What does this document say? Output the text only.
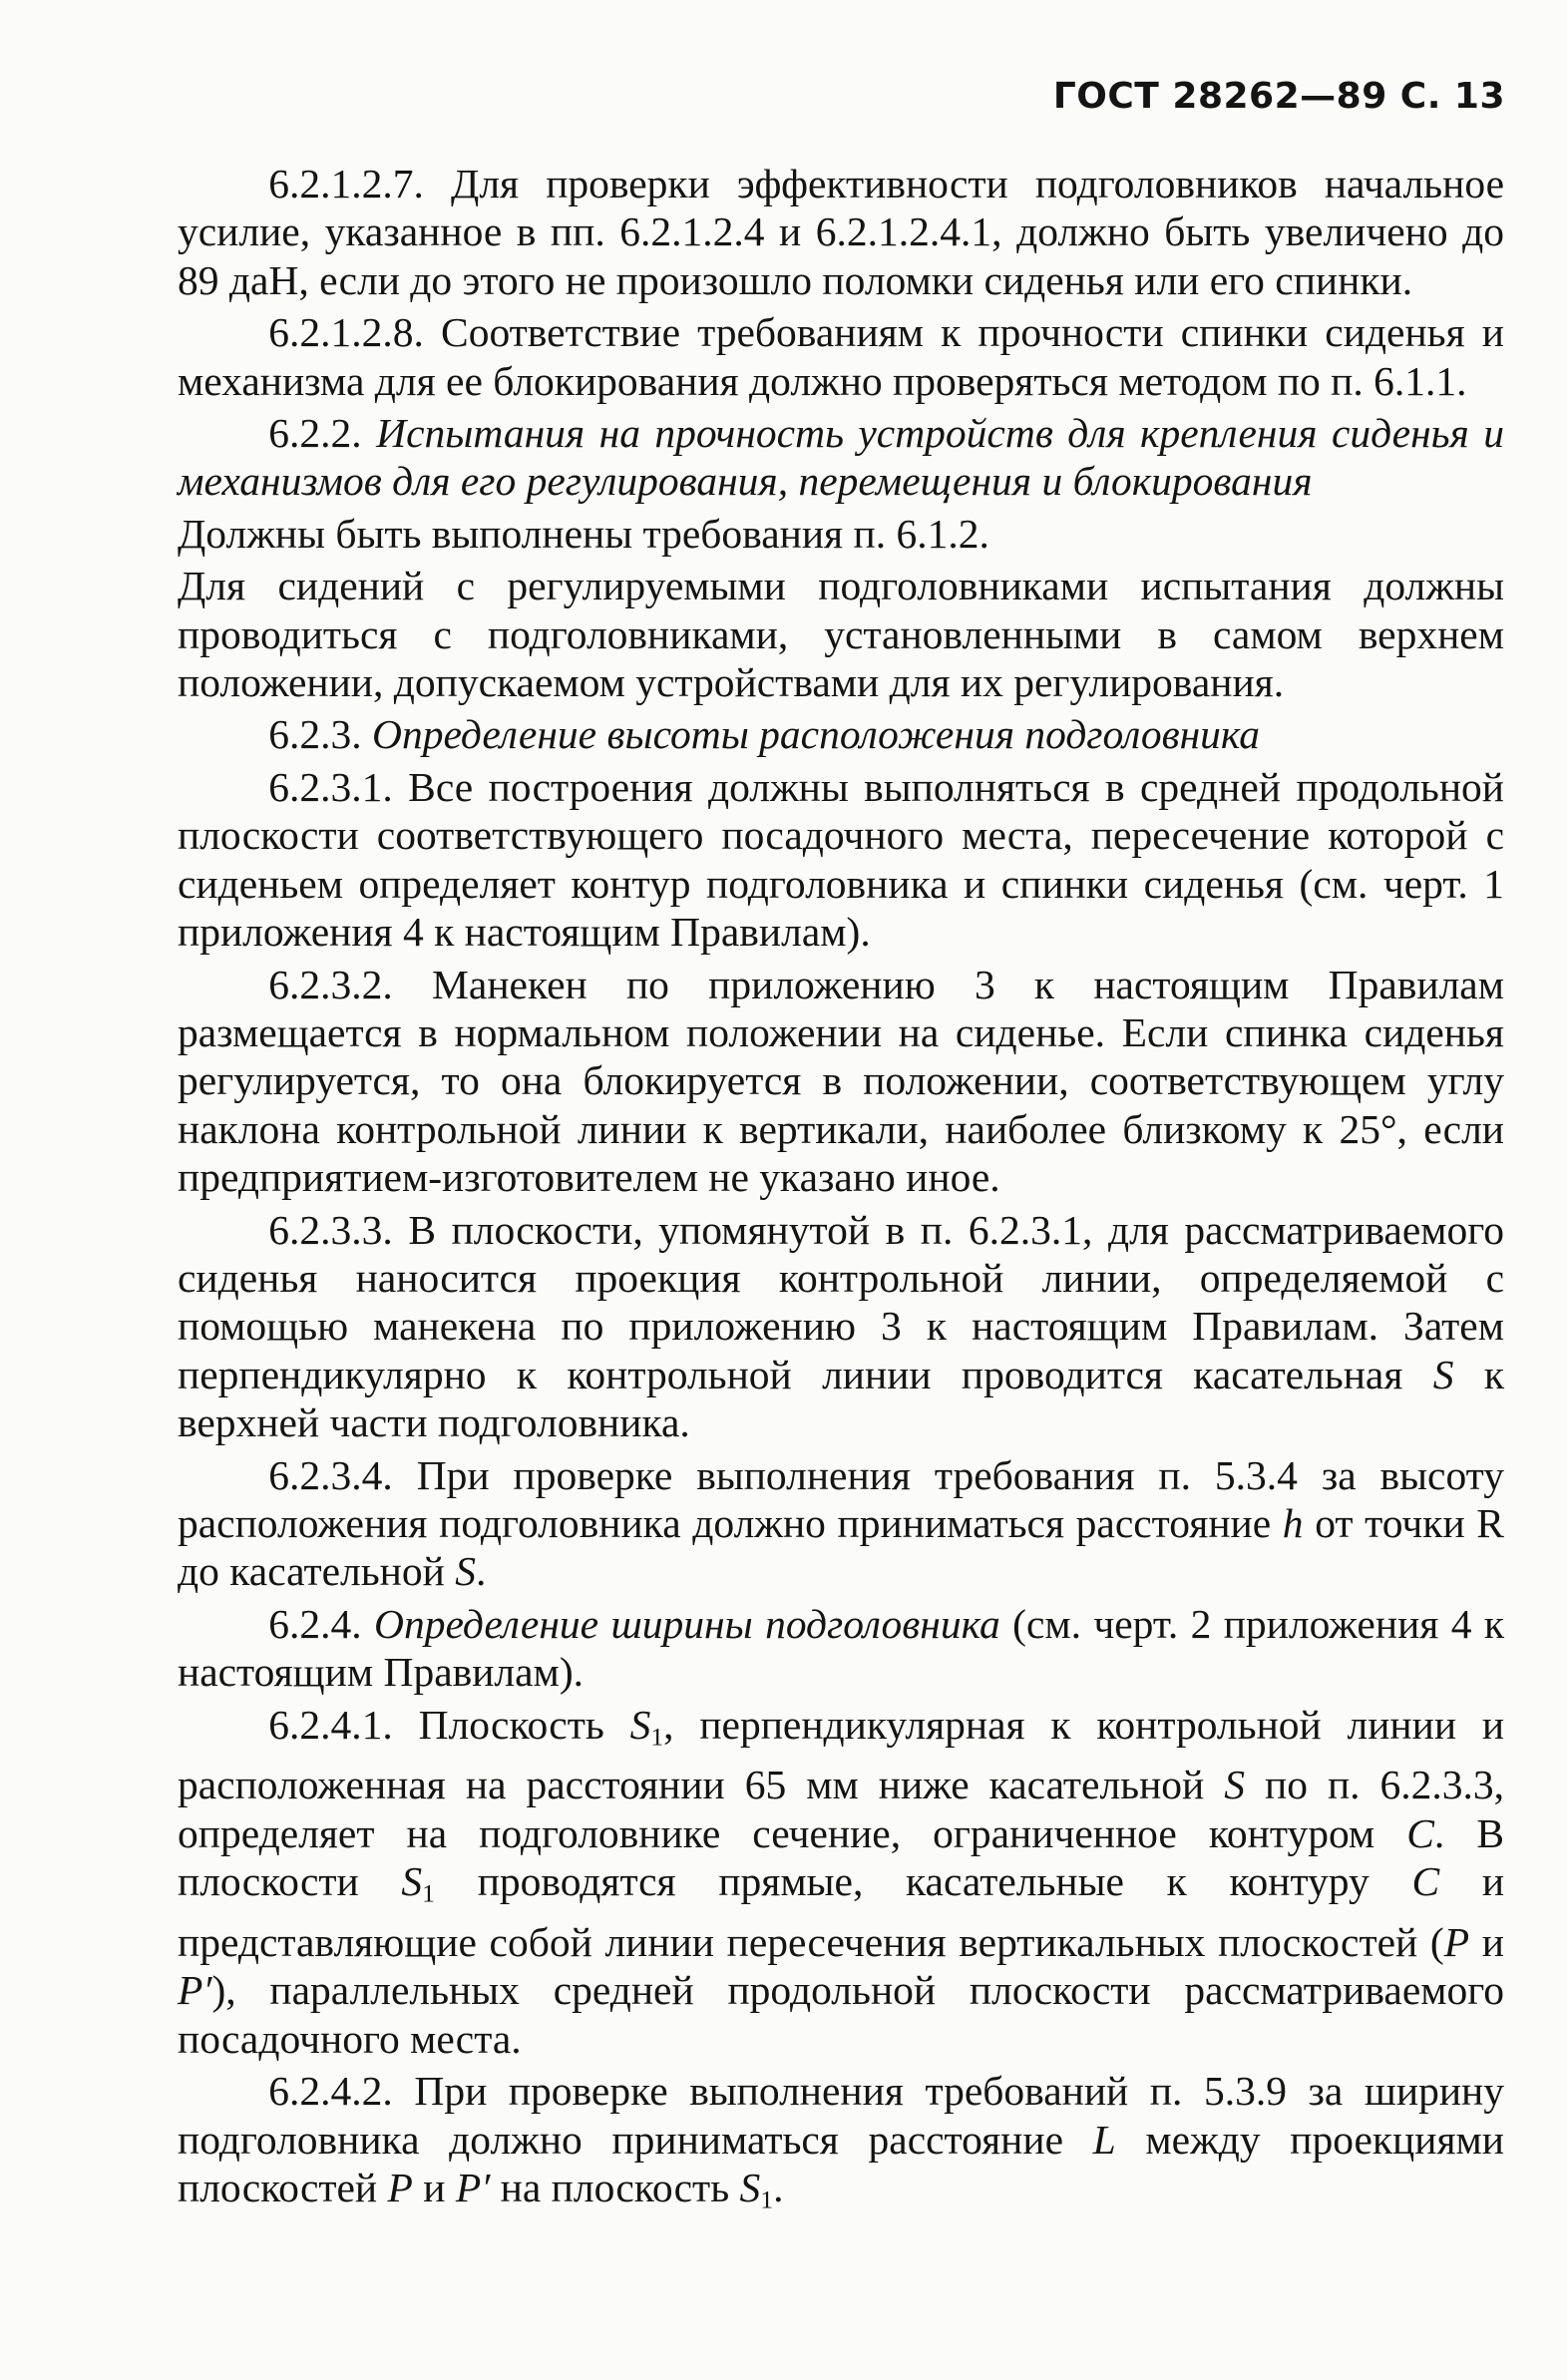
ГОСТ 28262—89 С. 13

6.2.1.2.7. Для проверки эффективности подголовников начальное усилие, указанное в пп. 6.2.1.2.4 и 6.2.1.2.4.1, должно быть увеличено до 89 даН, если до этого не произошло поломки сиденья или его спинки.

6.2.1.2.8. Соответствие требованиям к прочности спинки сиденья и механизма для ее блокирования должно проверяться методом по п. 6.1.1.

6.2.2. Испытания на прочность устройств для крепления сиденья и механизмов для его регулирования, перемещения и блокирования

Должны быть выполнены требования п. 6.1.2.

Для сидений с регулируемыми подголовниками испытания должны проводиться с подголовниками, установленными в самом верхнем положении, допускаемом устройствами для их регулирования.

6.2.3. Определение высоты расположения подголовника

6.2.3.1. Все построения должны выполняться в средней продольной плоскости соответствующего посадочного места, пересечение которой с сиденьем определяет контур подголовника и спинки сиденья (см. черт. 1 приложения 4 к настоящим Правилам).

6.2.3.2. Манекен по приложению 3 к настоящим Правилам размещается в нормальном положении на сиденье. Если спинка сиденья регулируется, то она блокируется в положении, соответствующем углу наклона контрольной линии к вертикали, наиболее близкому к 25°, если предприятием-изготовителем не указано иное.

6.2.3.3. В плоскости, упомянутой в п. 6.2.3.1, для рассматриваемого сиденья наносится проекция контрольной линии, определяемой с помощью манекена по приложению 3 к настоящим Правилам. Затем перпендикулярно к контрольной линии проводится касательная S к верхней части подголовника.

6.2.3.4. При проверке выполнения требования п. 5.3.4 за высоту расположения подголовника должно приниматься расстояние h от точки R до касательной S.

6.2.4. Определение ширины подголовника (см. черт. 2 приложения 4 к настоящим Правилам).

6.2.4.1. Плоскость $S_1$, перпендикулярная к контрольной линии и расположенная на расстоянии 65 мм ниже касательной S по п. 6.2.3.3, определяет на подголовнике сечение, ограниченное контуром C. В плоскости $S_1$ проводятся прямые, касательные к контуру C и представляющие собой линии пересечения вертикальных плоскостей (P и P′), параллельных средней продольной плоскости рассматриваемого посадочного места.

6.2.4.2. При проверке выполнения требований п. 5.3.9 за ширину подголовника должно приниматься расстояние L между проекциями плоскостей P и P′ на плоскость $S_1$.
